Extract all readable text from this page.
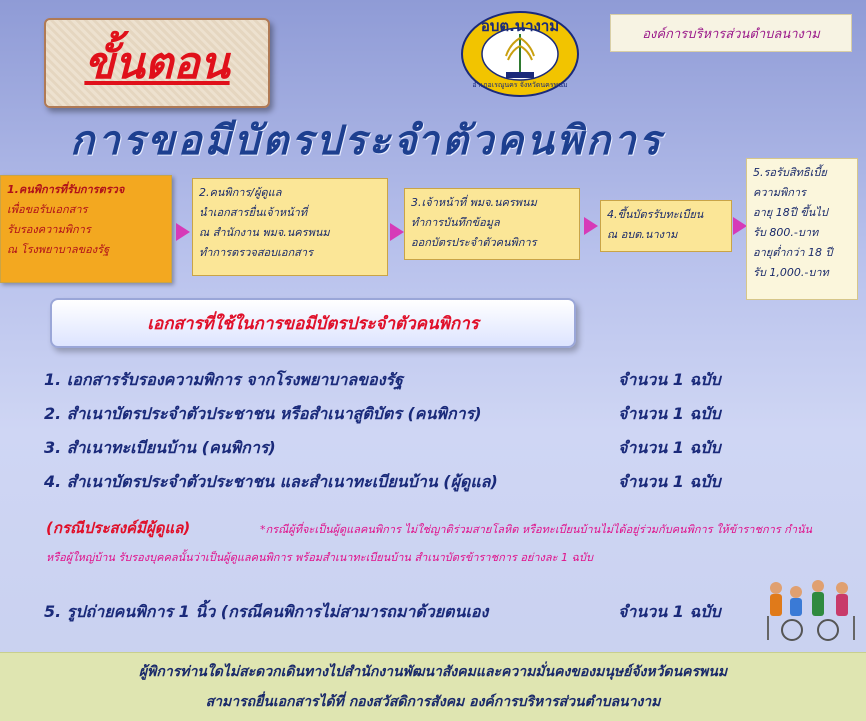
ขั้นตอน
อบต.นางาม
อำเภอเรณูนคร จังหวัดนครพนม
องค์การบริหารส่วนตำบลนางาม
การขอมีบัตรประจำตัวคนพิการ
1.คนพิการที่รับการตรวจ
เพื่อขอรับเอกสาร
รับรองความพิการ
ณ โรงพยาบาลของรัฐ
2.คนพิการ/ผู้ดูแล
นำเอกสารยื่นเจ้าหน้าที่
ณ สำนักงาน พมจ.นครพนม
ทำการตรวจสอบเอกสาร
3.เจ้าหน้าที่ พมจ.นครพนม
ทำการบันทึกข้อมูล
ออกบัตรประจำตัวคนพิการ
4.ขึ้นบัตรรับทะเบียน
ณ อบต.นางาม
5.รอรับสิทธิเบี้ย
ความพิการ
อายุ 18ปี ขึ้นไป
รับ 800.-บาท
อายุต่ำกว่า 18 ปี
รับ 1,000.-บาท
เอกสารที่ใช้ในการขอมีบัตรประจำตัวคนพิการ
1. เอกสารรับรองความพิการ จากโรงพยาบาลของรัฐ	จำนวน 1 ฉบับ
2. สำเนาบัตรประจำตัวประชาชน หรือสำเนาสูติบัตร (คนพิการ)	จำนวน 1 ฉบับ
3. สำเนาทะเบียนบ้าน (คนพิการ)	จำนวน 1 ฉบับ
4. สำเนาบัตรประจำตัวประชาชน และสำเนาทะเบียนบ้าน (ผู้ดูแล)	จำนวน 1 ฉบับ
*กรณีผู้ที่จะเป็นผู้ดูแลคนพิการ ไม่ใช่ญาติร่วมสายโลหิต หรือทะเบียนบ้านไม่ได้อยู่ร่วมกับคนพิการ ให้ข้าราชการ กำนัน หรือผู้ใหญ่บ้าน รับรองบุคคลนั้นว่าเป็นผู้ดูแลคนพิการ พร้อมสำเนาทะเบียนบ้าน สำเนาบัตรข้าราชการ อย่างละ 1 ฉบับ
(กรณีประสงค์มีผู้ดูแล)
5. รูปถ่ายคนพิการ 1 นิ้ว (กรณีคนพิการไม่สามารถมาด้วยตนเอง	จำนวน 1 ฉบับ
ผู้พิการท่านใดไม่สะดวกเดินทางไปสำนักงานพัฒนาสังคมและความมั่นคงของมนุษย์จังหวัดนครพนม
สามารถยื่นเอกสารได้ที่ กองสวัสดิการสังคม องค์การบริหารส่วนตำบลนางาม
